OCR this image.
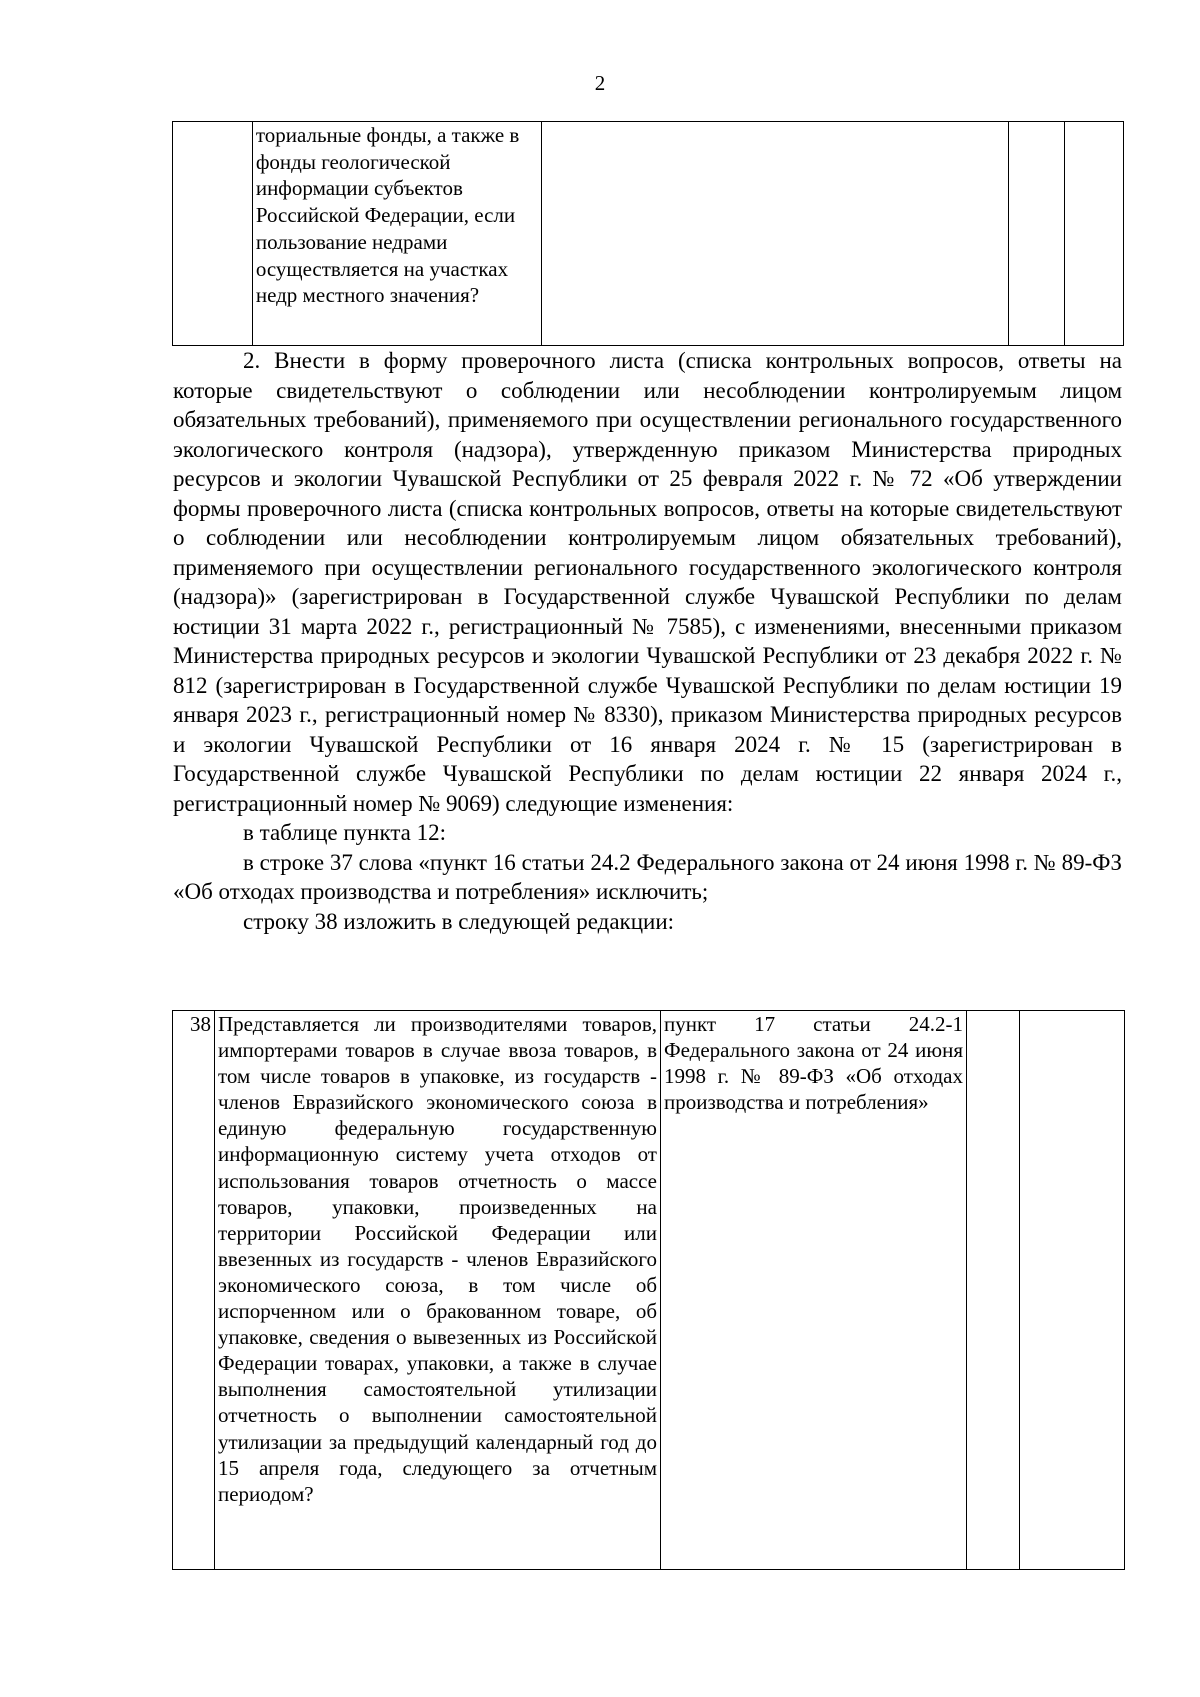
2
	ториальные фонды, а также в фонды геологической информации субъектов Российской Федерации, если пользование недрами осуществляется на участках недр местного значения?			

2. Внести в форму проверочного листа (списка контрольных вопросов, ответы на которые свидетельствуют о соблюдении или несоблюдении контролируемым лицом обязательных требований), применяемого при осуществлении регионального государственного экологического контроля (надзора), утвержденную приказом Министерства природных ресурсов и экологии Чувашской Республики от 25 февраля 2022 г. № 72 «Об утверждении формы проверочного листа (списка контрольных вопросов, ответы на которые свидетельствуют о соблюдении или несоблюдении контролируемым лицом обязательных требований), применяемого при осуществлении регионального государственного экологического контроля (надзора)» (зарегистрирован в Государственной службе Чувашской Республики по делам юстиции 31 марта 2022 г., регистрационный № 7585), с изменениями, внесенными приказом Министерства природных ресурсов и экологии Чувашской Республики от 23 декабря 2022 г. № 812 (зарегистрирован в Государственной службе Чувашской Республики по делам юстиции 19 января 2023 г., регистрационный номер № 8330), приказом Министерства природных ресурсов и экологии Чувашской Республики от 16 января 2024 г. № 15 (зарегистрирован в Государственной службе Чувашской Республики по делам юстиции 22 января 2024 г., регистрационный номер № 9069) следующие изменения:

в таблице пункта 12:

в строке 37 слова «пункт 16 статьи 24.2 Федерального закона от 24 июня 1998 г. № 89-ФЗ «Об отходах производства и потребления» исключить;

строку 38 изложить в следующей редакции:

38	Представляется ли производителями товаров, импортерами товаров в случае ввоза товаров, в том числе товаров в упаковке, из государств - членов Евразийского экономического союза в единую федеральную государственную информационную систему учета отходов от использования товаров отчетность о массе товаров, упаковки, произведенных на территории Российской Федерации или ввезенных из государств - членов Евразийского экономического союза, в том числе об испорченном или о бракованном товаре, об упаковке, сведения о вывезенных из Российской Федерации товарах, упаковки, а также в случае выполнения самостоятельной утилизации отчетность о выполнении самостоятельной утилизации за предыдущий календарный год до 15 апреля года, следующего за отчетным периодом?	пункт 17 статьи 24.2-1 Федерального закона от 24 июня 1998 г. № 89-ФЗ «Об отходах производства и потребления»		
